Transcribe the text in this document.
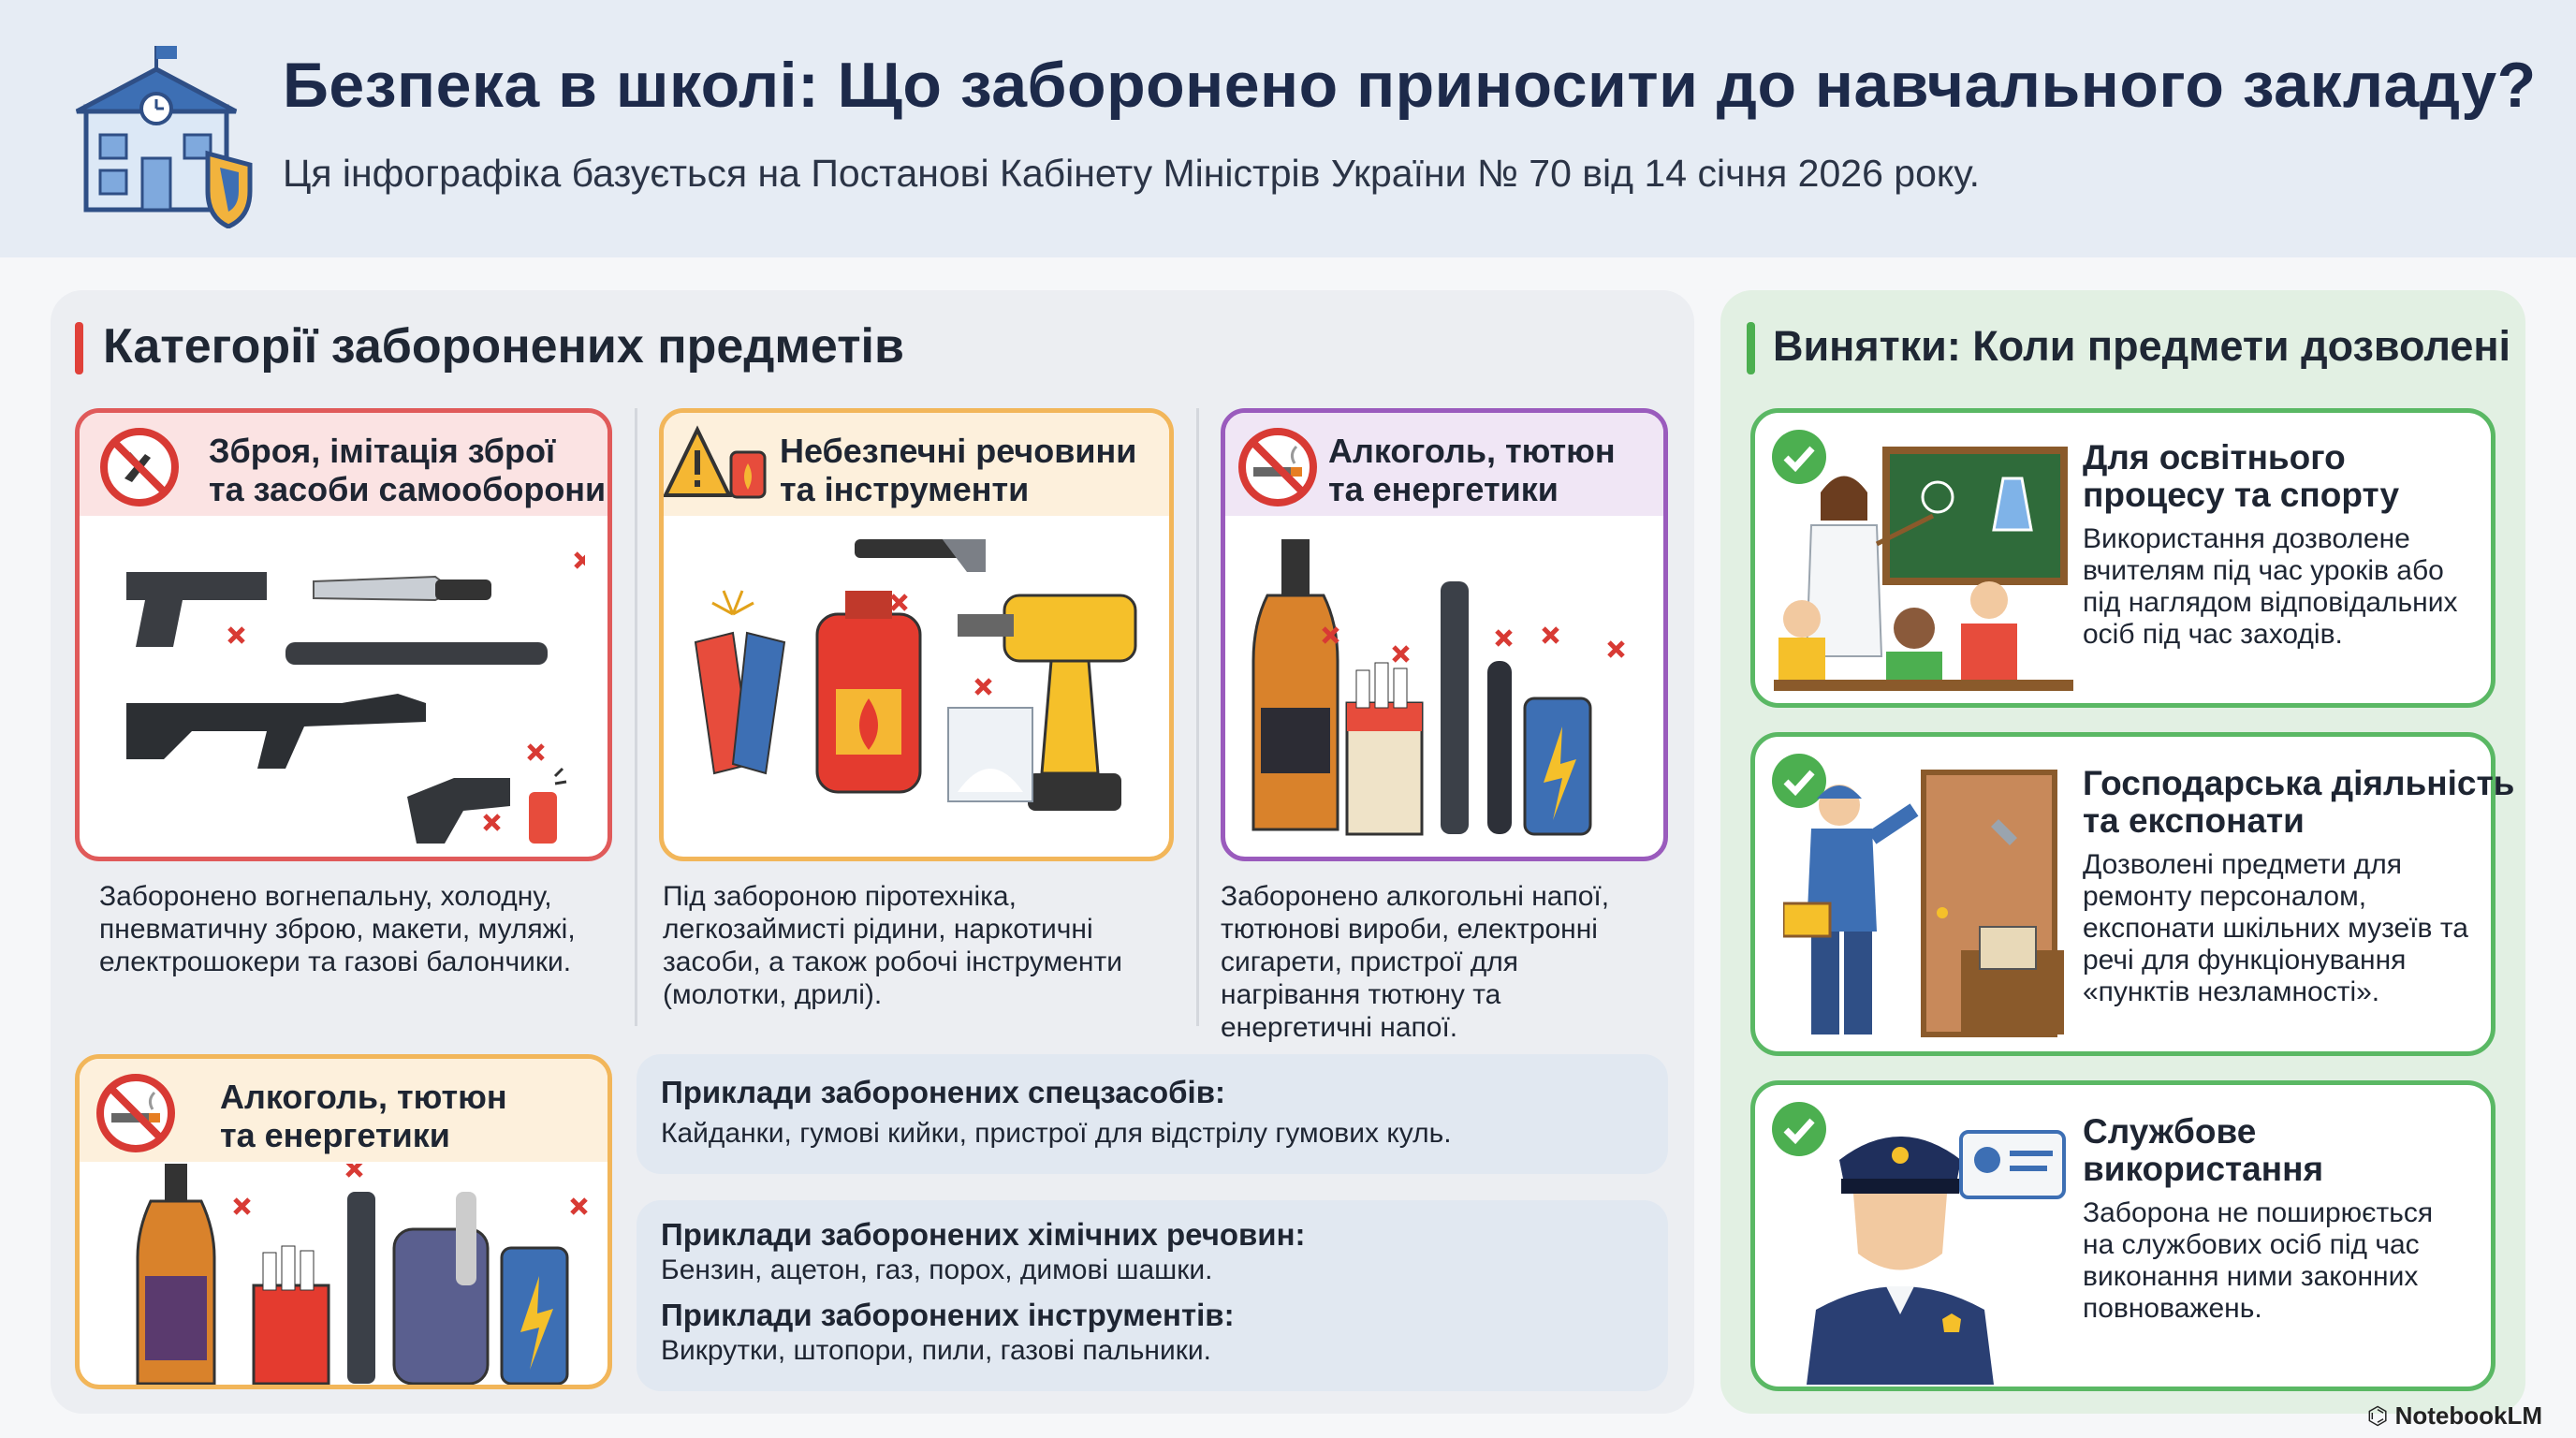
Безпека в школі: Що заборонено приносити до навчального закладу?
Ця інфографіка базується на Постанові Кабінету Міністрів України № 70 від 14 січня 2026 року.
Категорії заборонених предметів
Зброя, імітація зброї
та засоби самооборони
Заборонено вогнепальну, холодну,
пневматичну зброю, макети, муляжі,
електрошокери та газові балончики.
Небезпечні речовини
та інструменти
Під забороною піротехніка,
легкозаймисті рідини, наркотичні
засоби, а також робочі інструменти
(молотки, дрилі).
Алкоголь, тютюн
та енергетики
Заборонено алкогольні напої,
тютюнові вироби, електронні
сигарети, пристрої для
нагрівання тютюну та
енергетичні напої.
Алкоголь, тютюн
та енергетики
Приклади заборонених спецзасобів:
Кайданки, гумові кийки, пристрої для відстрілу гумових куль.
Приклади заборонених хімічних речовин:
Бензин, ацетон, газ, порох, димові шашки.
Приклади заборонених інструментів:
Викрутки, штопори, пили, газові пальники.
Винятки: Коли предмети дозволені
Для освітнього
процесу та спорту
Використання дозволене
вчителям під час уроків або
під наглядом відповідальних
осіб під час заходів.
Господарська діяльність
та експонати
Дозволені предмети для
ремонту персоналом,
експонати шкільних музеїв та
речі для функціонування
«пунктів незламності».
Службове
використання
Заборона не поширюється
на службових осіб під час
виконання ними законних
повноважень.
⌬ NotebookLM
